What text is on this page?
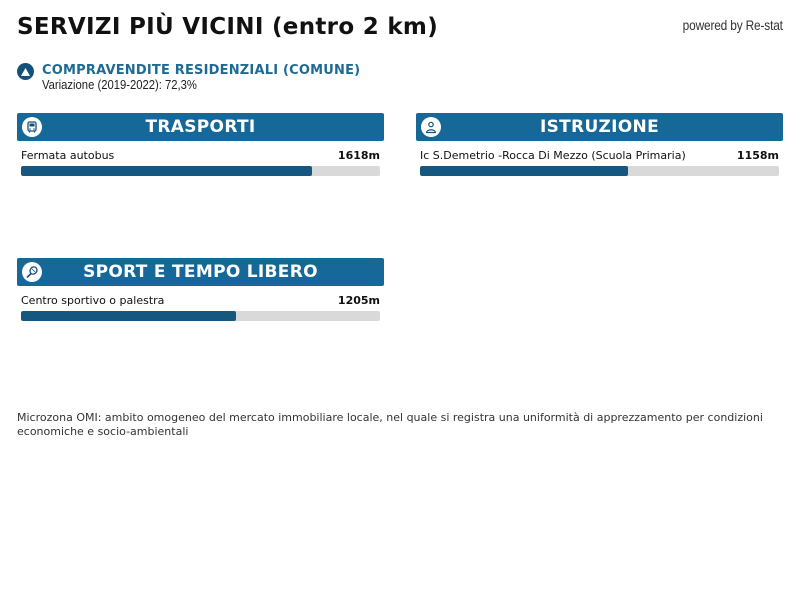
SERVIZI PIÙ VICINI (entro 2 km)	powered by Re-stat
COMPRAVENDITE RESIDENZIALI (COMUNE)
Variazione (2019-2022): 72,3%
TRASPORTI
Fermata autobus	1618m
ISTRUZIONE
Ic S.Demetrio -Rocca Di Mezzo (Scuola Primaria)	1158m
SPORT E TEMPO LIBERO
Centro sportivo o palestra	1205m

Microzona OMI: ambito omogeneo del mercato immobiliare locale, nel quale si registra una uniformità di apprezzamento per condizioni economiche e socio-ambientali
